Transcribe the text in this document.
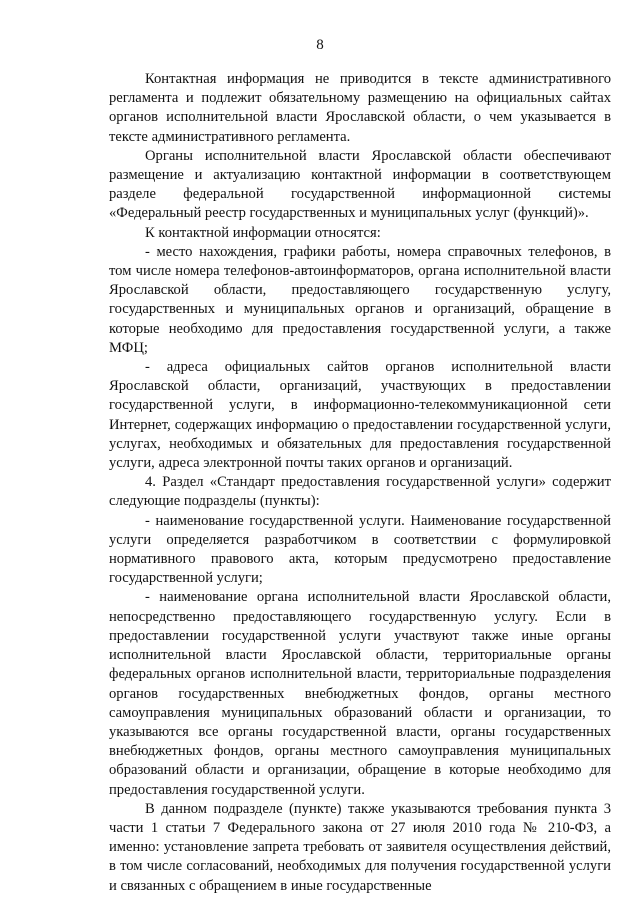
8

Контактная информация не приводится в тексте административного регламента и подлежит обязательному размещению на официальных сайтах органов исполнительной власти Ярославской области, о чем указывается в тексте административного регламента.

Органы исполнительной власти Ярославской области обеспечивают размещение и актуализацию контактной информации в соответствующем разделе федеральной государственной информационной системы «Федеральный реестр государственных и муниципальных услуг (функций)».

К контактной информации относятся:

- место нахождения, графики работы, номера справочных телефонов, в том числе номера телефонов-автоинформаторов, органа исполнительной власти Ярославской области, предоставляющего государственную услугу, государственных и муниципальных органов и организаций, обращение в которые необходимо для предоставления государственной услуги, а также МФЦ;

- адреса официальных сайтов органов исполнительной власти Ярославской области, организаций, участвующих в предоставлении государственной услуги, в информационно-телекоммуникационной сети Интернет, содержащих информацию о предоставлении государственной услуги, услугах, необходимых и обязательных для предоставления государственной услуги, адреса электронной почты таких органов и организаций.

4. Раздел «Стандарт предоставления государственной услуги» содержит следующие подразделы (пункты):

- наименование государственной услуги. Наименование государственной услуги определяется разработчиком в соответствии с формулировкой нормативного правового акта, которым предусмотрено предоставление государственной услуги;

- наименование органа исполнительной власти Ярославской области, непосредственно предоставляющего государственную услугу. Если в предоставлении государственной услуги участвуют также иные органы исполнительной власти Ярославской области, территориальные органы федеральных органов исполнительной власти, территориальные подразделения органов государственных внебюджетных фондов, органы местного самоуправления муниципальных образований области и организации, то указываются все органы государственной власти, органы государственных внебюджетных фондов, органы местного самоуправления муниципальных образований области и организации, обращение в которые необходимо для предоставления государственной услуги.

В данном подразделе (пункте) также указываются требования пункта 3 части 1 статьи 7 Федерального закона от 27 июля 2010 года № 210-ФЗ, а именно: установление запрета требовать от заявителя осуществления действий, в том числе согласований, необходимых для получения государственной услуги и связанных с обращением в иные государственные
